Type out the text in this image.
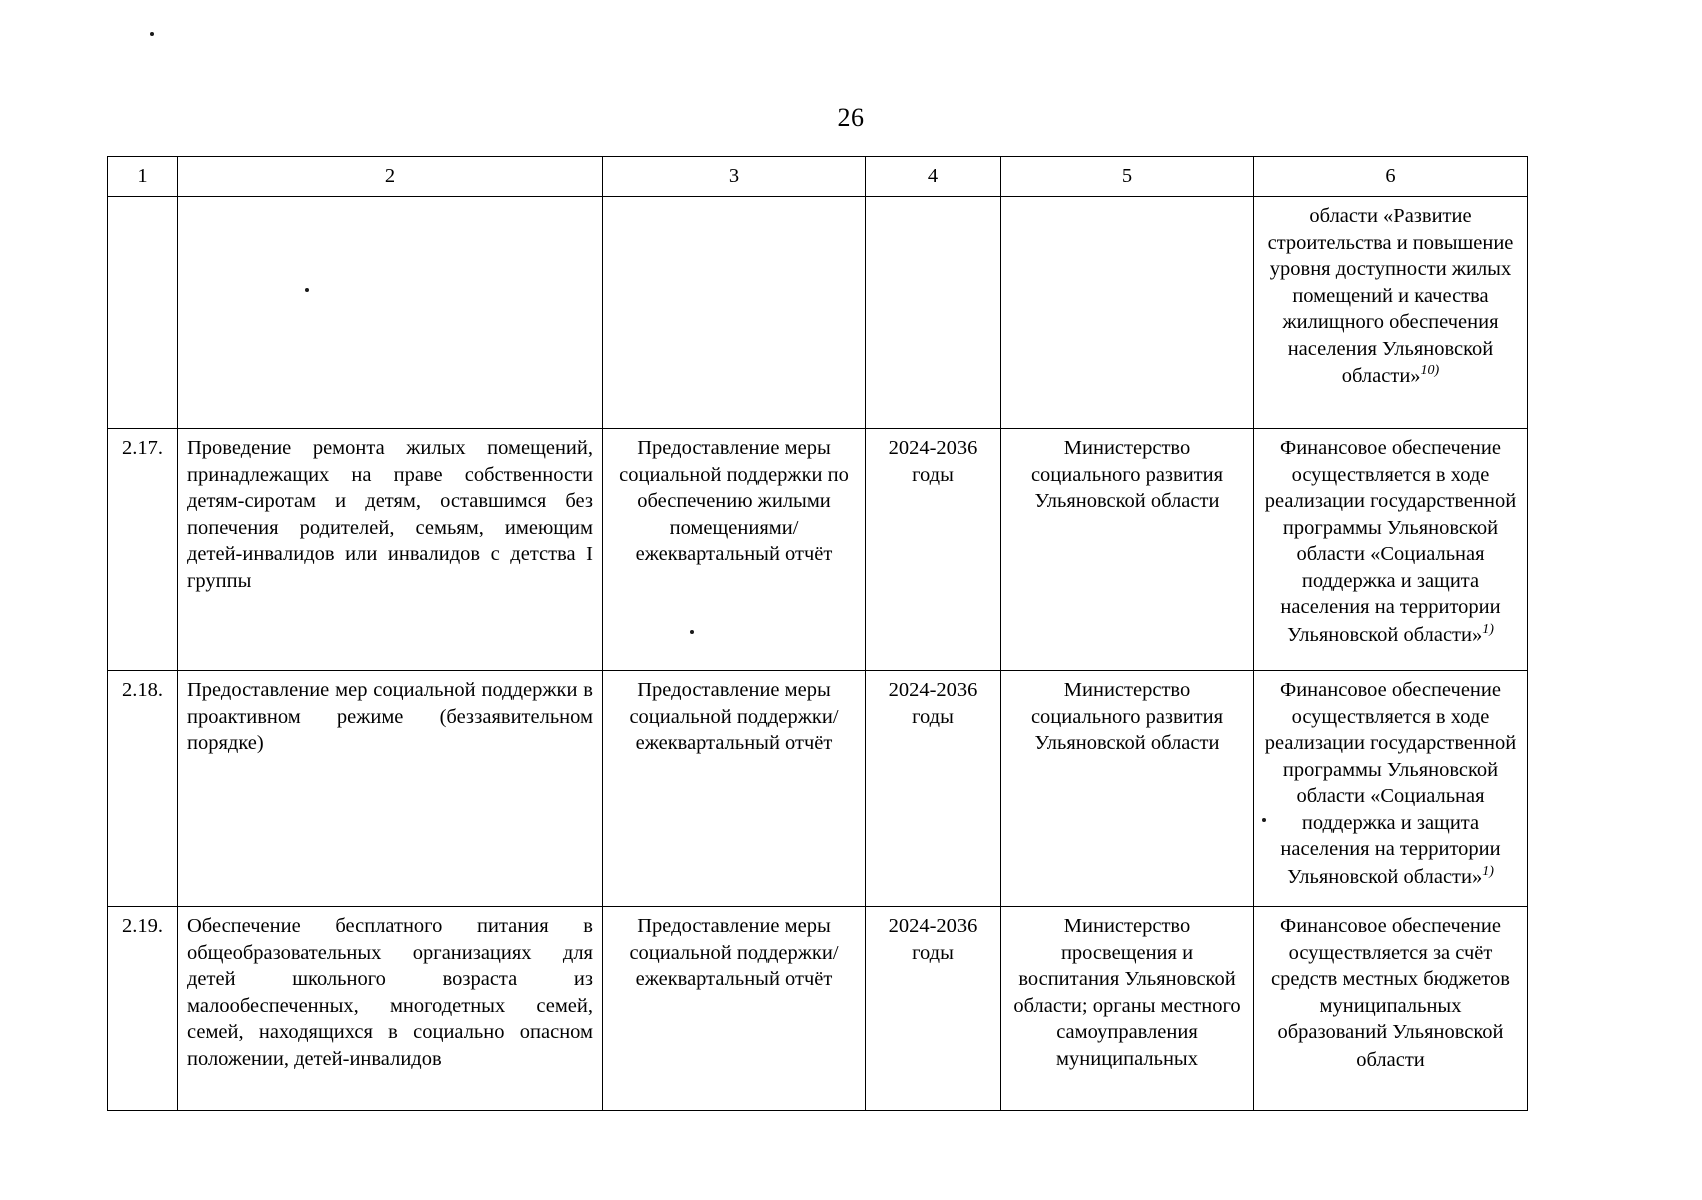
26
1	2	3	4	5	6
					области «Развитие строительства и повышение уровня доступности жилых помещений и качества жилищного обеспечения населения Ульяновской области»$^{10)}$
2.17.	Проведение ремонта жилых помещений, принадлежащих на праве собственности детям-сиротам и детям, оставшимся без попечения родителей, семьям, имеющим детей-инвалидов или инвалидов с детства I группы	Предоставление меры социальной поддержки по обеспечению жилыми помещениями/ ежеквартальный отчёт	2024-2036 годы	Министерство социального развития Ульяновской области	Финансовое обеспечение осуществляется в ходе реализации государственной программы Ульяновской области «Социальная поддержка и защита населения на территории Ульяновской области»$^{1)}$
2.18.	Предоставление мер социальной поддержки в проактивном режиме (беззаявительном порядке)	Предоставление меры социальной поддержки/ ежеквартальный отчёт	2024-2036 годы	Министерство социального развития Ульяновской области	Финансовое обеспечение осуществляется в ходе реализации государственной программы Ульяновской области «Социальная поддержка и защита населения на территории Ульяновской области»$^{1)}$
2.19.	Обеспечение бесплатного питания в общеобразовательных организациях для детей школьного возраста из малообеспеченных, многодетных семей, семей, находящихся в социально опасном положении, детей-инвалидов	Предоставление меры социальной поддержки/ ежеквартальный отчёт	2024-2036 годы	Министерство просвещения и воспитания Ульяновской области; органы местного самоуправления муниципальных	Финансовое обеспечение осуществляется за счёт средств местных бюджетов муниципальных образований Ульяновской области
